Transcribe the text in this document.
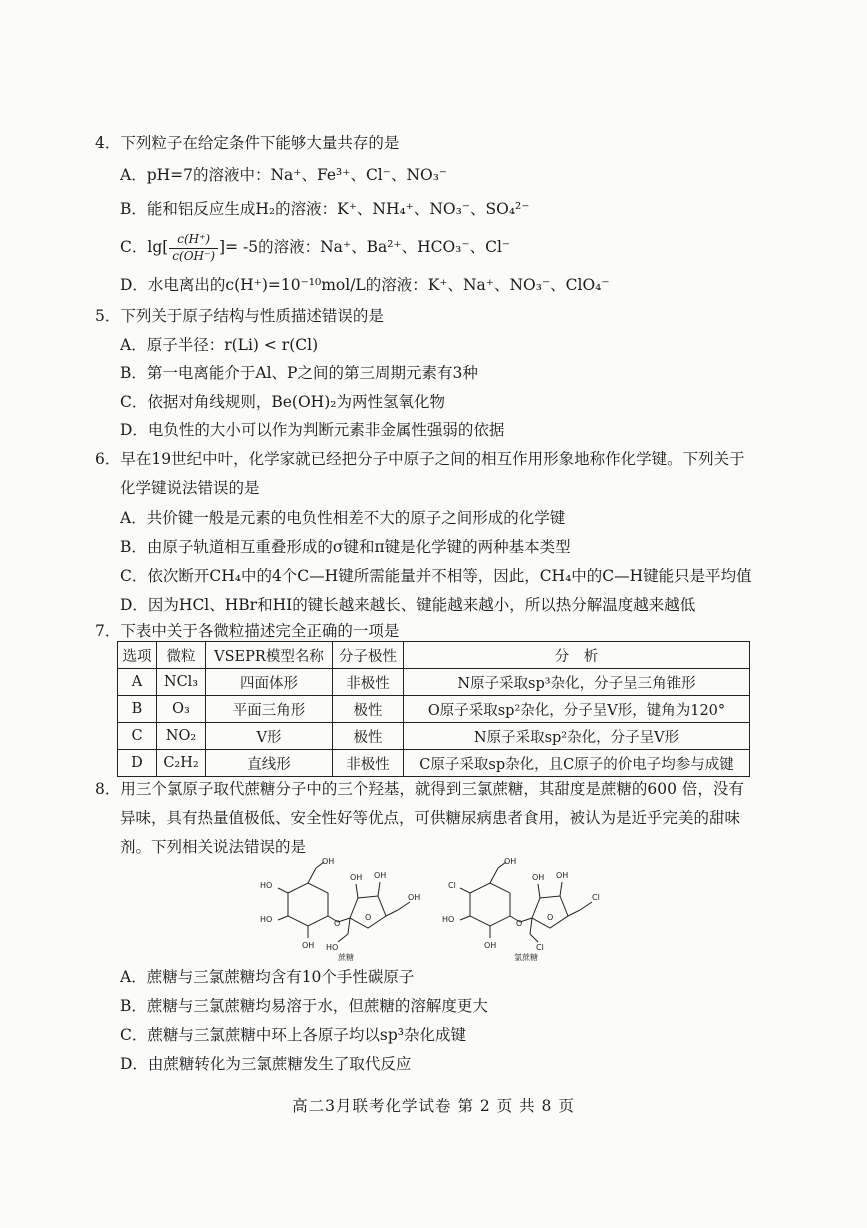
4．下列粒子在给定条件下能够大量共存的是
A．pH=7的溶液中：Na⁺、Fe³⁺、Cl⁻、NO₃⁻
B．能和铝反应生成H₂的溶液：K⁺、NH₄⁺、NO₃⁻、SO₄²⁻
C．$\lg[ \frac{c(H^+)}{c(OH^-)}$ ]= -5的溶液：Na⁺、Ba²⁺、HCO₃⁻、Cl⁻
D．水电离出的c(H⁺)=10⁻¹⁰mol/L的溶液：K⁺、Na⁺、NO₃⁻、ClO₄⁻
5．下列关于原子结构与性质描述错误的是
A．原子半径：r(Li) < r(Cl)
B．第一电离能介于Al、P之间的第三周期元素有3种
C．依据对角线规则，Be(OH)₂为两性氢氧化物
D．电负性的大小可以作为判断元素非金属性强弱的依据
6．早在19世纪中叶，化学家就已经把分子中原子之间的相互作用形象地称作化学键。下列关于
化学键说法错误的是
A．共价键一般是元素的电负性相差不大的原子之间形成的化学键
B．由原子轨道相互重叠形成的σ键和π键是化学键的两种基本类型
C．依次断开CH₄中的4个C—H键所需能量并不相等，因此，CH₄中的C—H键能只是平均值
D．因为HCl、HBr和HI的键长越来越长、键能越来越小，所以热分解温度越来越低
7．下表中关于各微粒描述完全正确的一项是
选项	微粒	VSEPR模型名称	分子极性	分　析
A	NCl₃	四面体形	非极性	N原子采取sp³杂化，分子呈三角锥形
B	O₃	平面三角形	极性	O原子采取sp²杂化，分子呈V形，键角为120°
C	NO₂	V形	极性	N原子采取sp²杂化，分子呈V形
D	C₂H₂	直线形	非极性	C原子采取sp杂化，且C原子的价电子均参与成键
8．用三个氯原子取代蔗糖分子中的三个羟基，就得到三氯蔗糖，其甜度是蔗糖的600 倍，没有
异味，具有热量值极低、安全性好等优点，可供糖尿病患者食用，被认为是近乎完美的甜味
剂。下列相关说法错误的是
OH
HO
HO
OH
O
O
OH OH
OH
HO
蔗糖
OH
Cl
HO
OH
O
O
OH OH
Cl
Cl
氯蔗糖
A．蔗糖与三氯蔗糖均含有10个手性碳原子
B．蔗糖与三氯蔗糖均易溶于水，但蔗糖的溶解度更大
C．蔗糖与三氯蔗糖中环上各原子均以sp³杂化成键
D．由蔗糖转化为三氯蔗糖发生了取代反应
高二3月联考化学试卷 第 2 页 共 8 页
